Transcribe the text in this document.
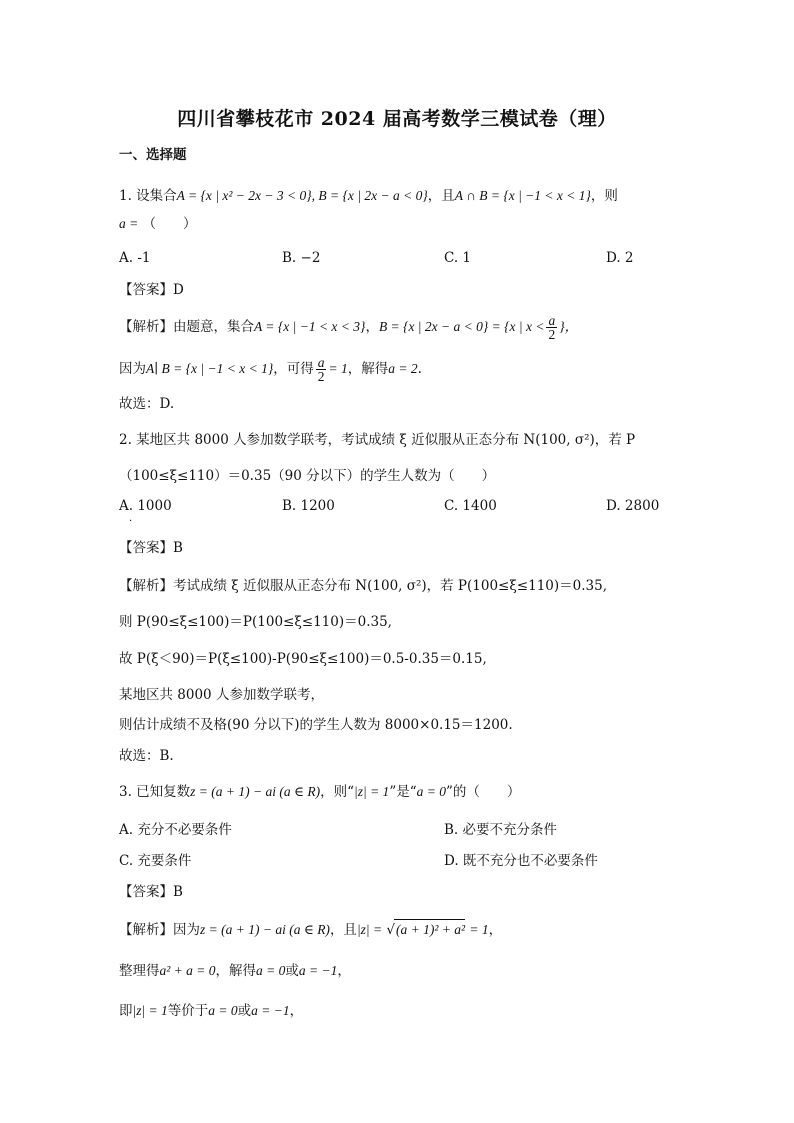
四川省攀枝花市 2024 届高考数学三模试卷（理）
一、选择题
1. 设集合A = {x | x² − 2x − 3 < 0}, B = {x | 2x − a < 0}，且A ∩ B = {x | −1 < x < 1}，则
a = （　　）
A. -1	B. −2	C. 1	D. 2
【答案】D
【解析】由题意，集合A = {x | −1 < x < 3}，B = {x | 2x − a < 0} = {x | $x < \frac{a}{2}$ }，
因为A∣ B = {x | −1 < x < 1}，可得 $\frac{a}{2} = 1$，解得a = 2.
故选：D.
2. 某地区共 8000 人参加数学联考，考试成绩 ξ 近似服从正态分布 N(100, σ²)，若 P
（100≤ξ≤110）＝0.35（90 分以下）的学生人数为（　　）
A. 1000	B. 1200	C. 1400	D. 2800
·
【答案】B
【解析】考试成绩 ξ 近似服从正态分布 N(100, σ²)，若 P(100≤ξ≤110)＝0.35,
则 P(90≤ξ≤100)＝P(100≤ξ≤110)＝0.35,
故 P(ξ＜90)＝P(ξ≤100)-P(90≤ξ≤100)＝0.5-0.35＝0.15,
某地区共 8000 人参加数学联考，
则估计成绩不及格(90 分以下)的学生人数为 8000×0.15＝1200.
故选：B.
3. 已知复数z = (a + 1) − ai (a ∈ R)，则“|z| = 1”是“a = 0”的（　　）
A. 充分不必要条件	B. 必要不充分条件
C. 充要条件	D. 既不充分也不必要条件
【答案】B
【解析】因为z = (a + 1) − ai (a ∈ R)，且|z| = √(a + 1)² + a² = 1，
整理得a² + a = 0，解得a = 0或a = −1，
即|z| = 1等价于a = 0或a = −1，
